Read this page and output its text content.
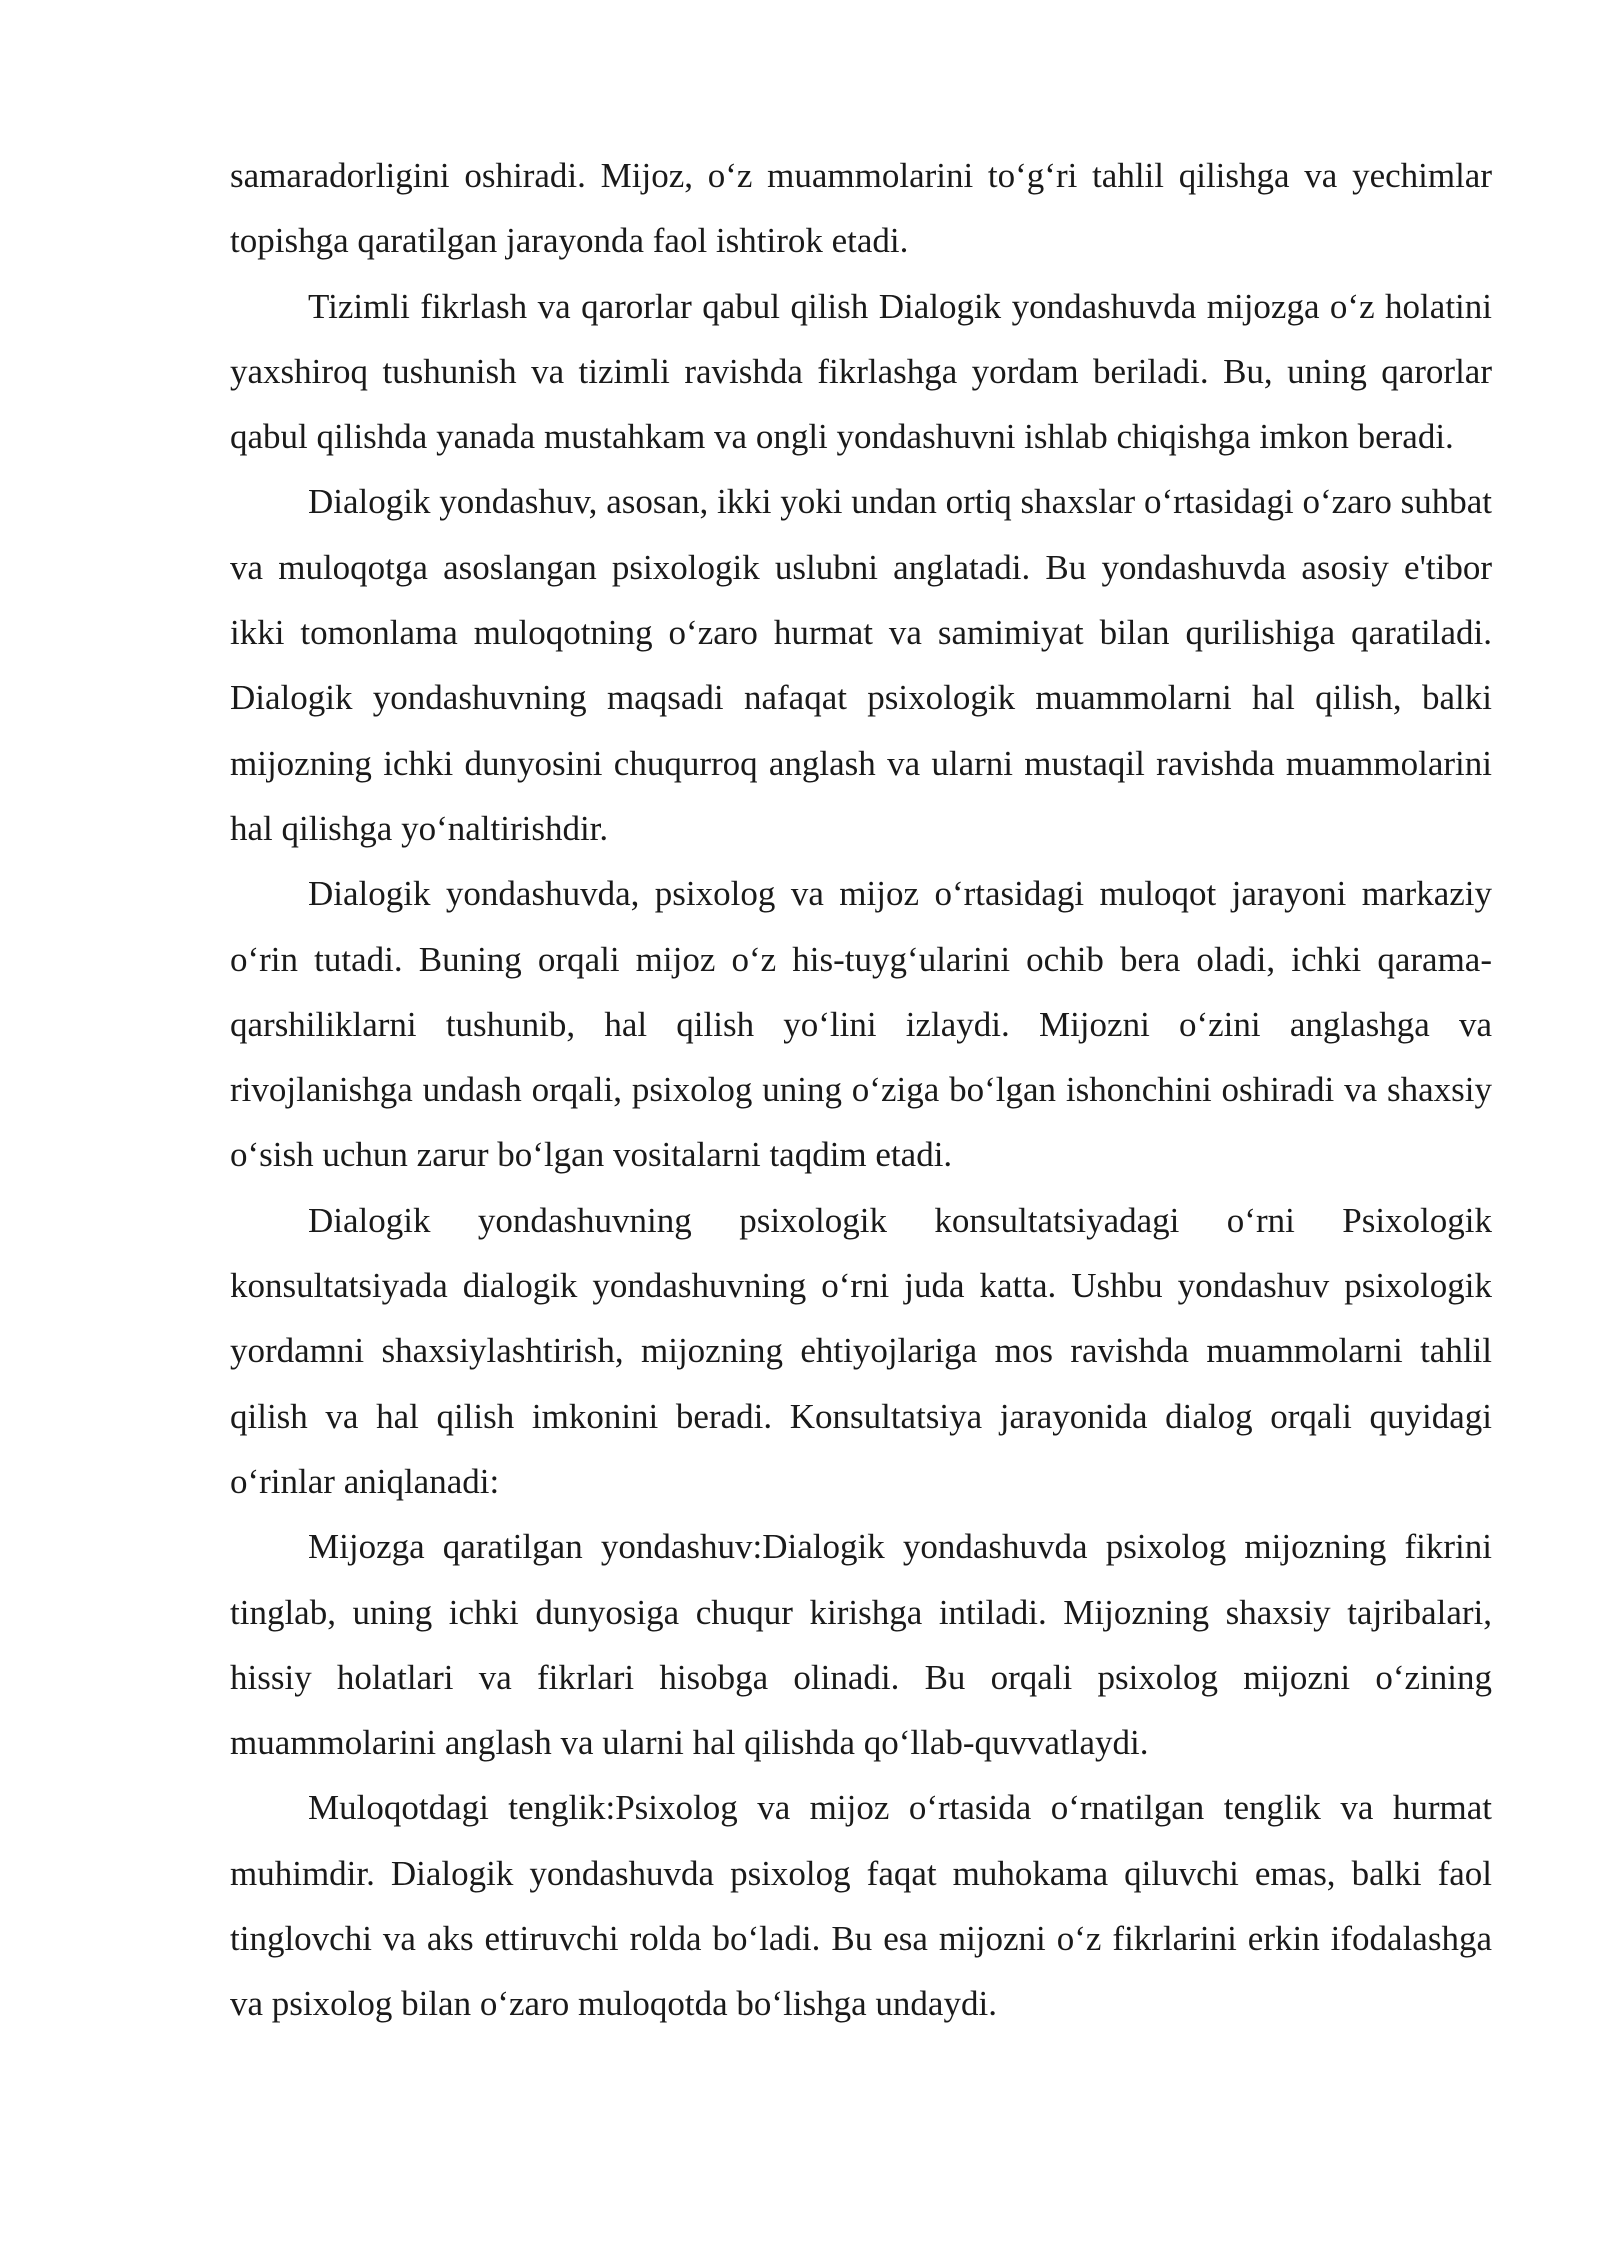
samaradorligini oshiradi. Mijoz, o‘z muammolarini to‘g‘ri tahlil qilishga va yechimlar topishga qaratilgan jarayonda faol ishtirok etadi.

Tizimli fikrlash va qarorlar qabul qilish Dialogik yondashuvda mijozga o‘z holatini yaxshiroq tushunish va tizimli ravishda fikrlashga yordam beriladi. Bu, uning qarorlar qabul qilishda yanada mustahkam va ongli yondashuvni ishlab chiqishga imkon beradi.

Dialogik yondashuv, asosan, ikki yoki undan ortiq shaxslar o‘rtasidagi o‘zaro suhbat va muloqotga asoslangan psixologik uslubni anglatadi. Bu yondashuvda asosiy e'tibor ikki tomonlama muloqotning o‘zaro hurmat va samimiyat bilan qurilishiga qaratiladi. Dialogik yondashuvning maqsadi nafaqat psixologik muammolarni hal qilish, balki mijozning ichki dunyosini chuqurroq anglash va ularni mustaqil ravishda muammolarini hal qilishga yo‘naltirishdir.

Dialogik yondashuvda, psixolog va mijoz o‘rtasidagi muloqot jarayoni markaziy o‘rin tutadi. Buning orqali mijoz o‘z his-tuyg‘ularini ochib bera oladi, ichki qarama-qarshiliklarni tushunib, hal qilish yo‘lini izlaydi. Mijozni o‘zini anglashga va rivojlanishga undash orqali, psixolog uning o‘ziga bo‘lgan ishonchini oshiradi va shaxsiy o‘sish uchun zarur bo‘lgan vositalarni taqdim etadi.

Dialogik yondashuvning psixologik konsultatsiyadagi o‘rni Psixologik konsultatsiyada dialogik yondashuvning o‘rni juda katta. Ushbu yondashuv psixologik yordamni shaxsiylashtirish, mijozning ehtiyojlariga mos ravishda muammolarni tahlil qilish va hal qilish imkonini beradi. Konsultatsiya jarayonida dialog orqali quyidagi o‘rinlar aniqlanadi:

Mijozga qaratilgan yondashuv:Dialogik yondashuvda psixolog mijozning fikrini tinglab, uning ichki dunyosiga chuqur kirishga intiladi. Mijozning shaxsiy tajribalari, hissiy holatlari va fikrlari hisobga olinadi. Bu orqali psixolog mijozni o‘zining muammolarini anglash va ularni hal qilishda qo‘llab-quvvatlaydi.

Muloqotdagi tenglik:Psixolog va mijoz o‘rtasida o‘rnatilgan tenglik va hurmat muhimdir. Dialogik yondashuvda psixolog faqat muhokama qiluvchi emas, balki faol tinglovchi va aks ettiruvchi rolda bo‘ladi. Bu esa mijozni o‘z fikrlarini erkin ifodalashga va psixolog bilan o‘zaro muloqotda bo‘lishga undaydi.
